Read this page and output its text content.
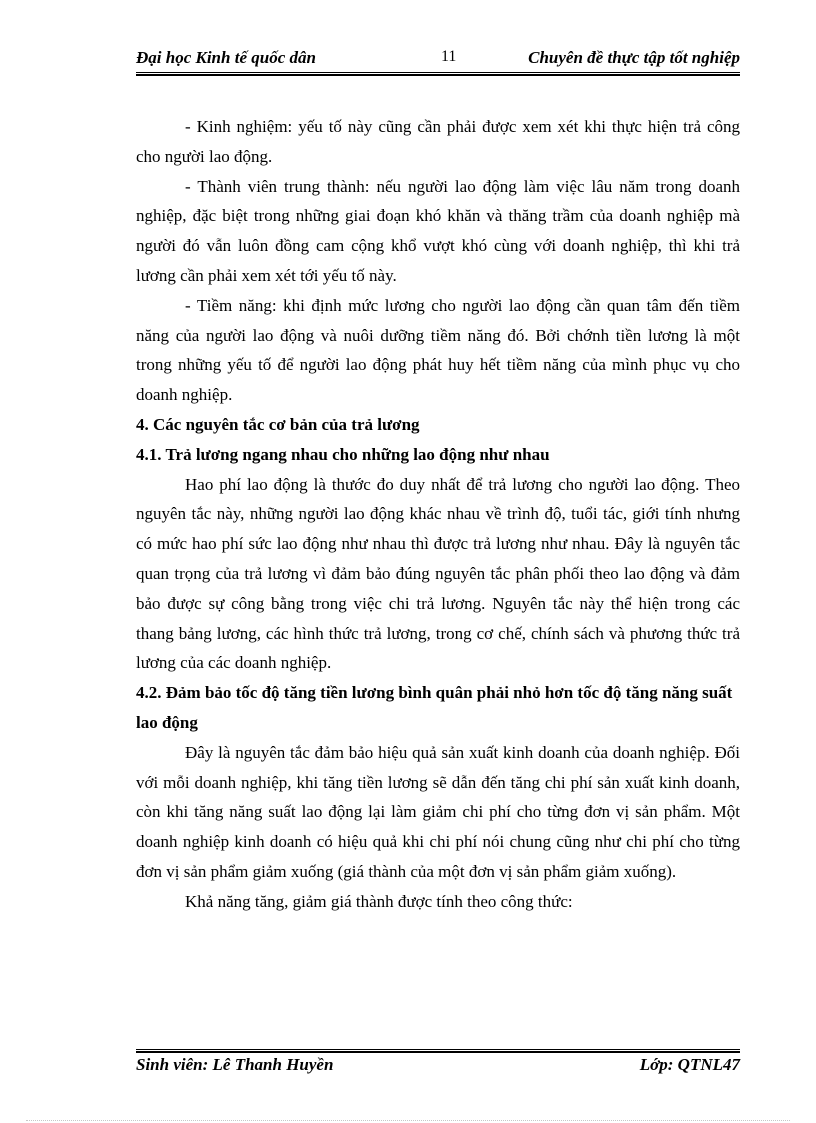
Đại học Kinh tế quốc dân	11	Chuyên đề thực tập tốt nghiệp

- Kinh nghiệm: yếu tố này cũng cần phải được xem xét khi thực hiện trả công cho người lao động.

- Thành viên trung thành: nếu người lao động làm việc lâu năm trong doanh nghiệp, đặc biệt trong những giai đoạn khó khăn và thăng trầm của doanh nghiệp mà người đó vẫn luôn đồng cam cộng khổ vượt khó cùng với doanh nghiệp, thì khi trả lương cần phải xem xét tới yếu tố này.

- Tiềm năng: khi định mức lương cho người lao động cần quan tâm đến tiềm năng của người lao động và nuôi dưỡng tiềm năng đó. Bởi chớnh tiền lương là một trong những yếu tố để người lao động phát huy hết tiềm năng của mình phục vụ cho doanh nghiệp.

4. Các nguyên tắc cơ bản của trả lương
4.1. Trả lương ngang nhau cho những lao động như nhau

Hao phí lao động là thước đo duy nhất để trả lương cho người lao động. Theo nguyên tắc này, những người lao động khác nhau về trình độ, tuổi tác, giới tính nhưng có mức hao phí sức lao động như nhau thì được trả lương như nhau. Đây là nguyên tắc quan trọng của trả lương vì đảm bảo đúng nguyên tắc phân phối theo lao động và đảm bảo được sự công bằng trong việc chi trả lương. Nguyên tắc này thể hiện trong các thang bảng lương, các hình thức trả lương, trong cơ chế, chính sách và phương thức trả lương của các doanh nghiệp.

4.2. Đảm bảo tốc độ tăng tiền lương bình quân phải nhỏ hơn tốc độ tăng năng suất lao động

Đây là nguyên tắc đảm bảo hiệu quả sản xuất kinh doanh của doanh nghiệp. Đối với mỗi doanh nghiệp, khi tăng tiền lương sẽ dẫn đến tăng chi phí sản xuất kinh doanh, còn khi tăng năng suất lao động lại làm giảm chi phí cho từng đơn vị sản phẩm. Một doanh nghiệp kinh doanh có hiệu quả khi chi phí nói chung cũng như chi phí cho từng đơn vị sản phẩm giảm xuống (giá thành của một đơn vị sản phẩm giảm xuống).

Khả năng tăng, giảm giá thành được tính theo công thức:

Sinh viên: Lê Thanh Huyền	Lớp: QTNL47
